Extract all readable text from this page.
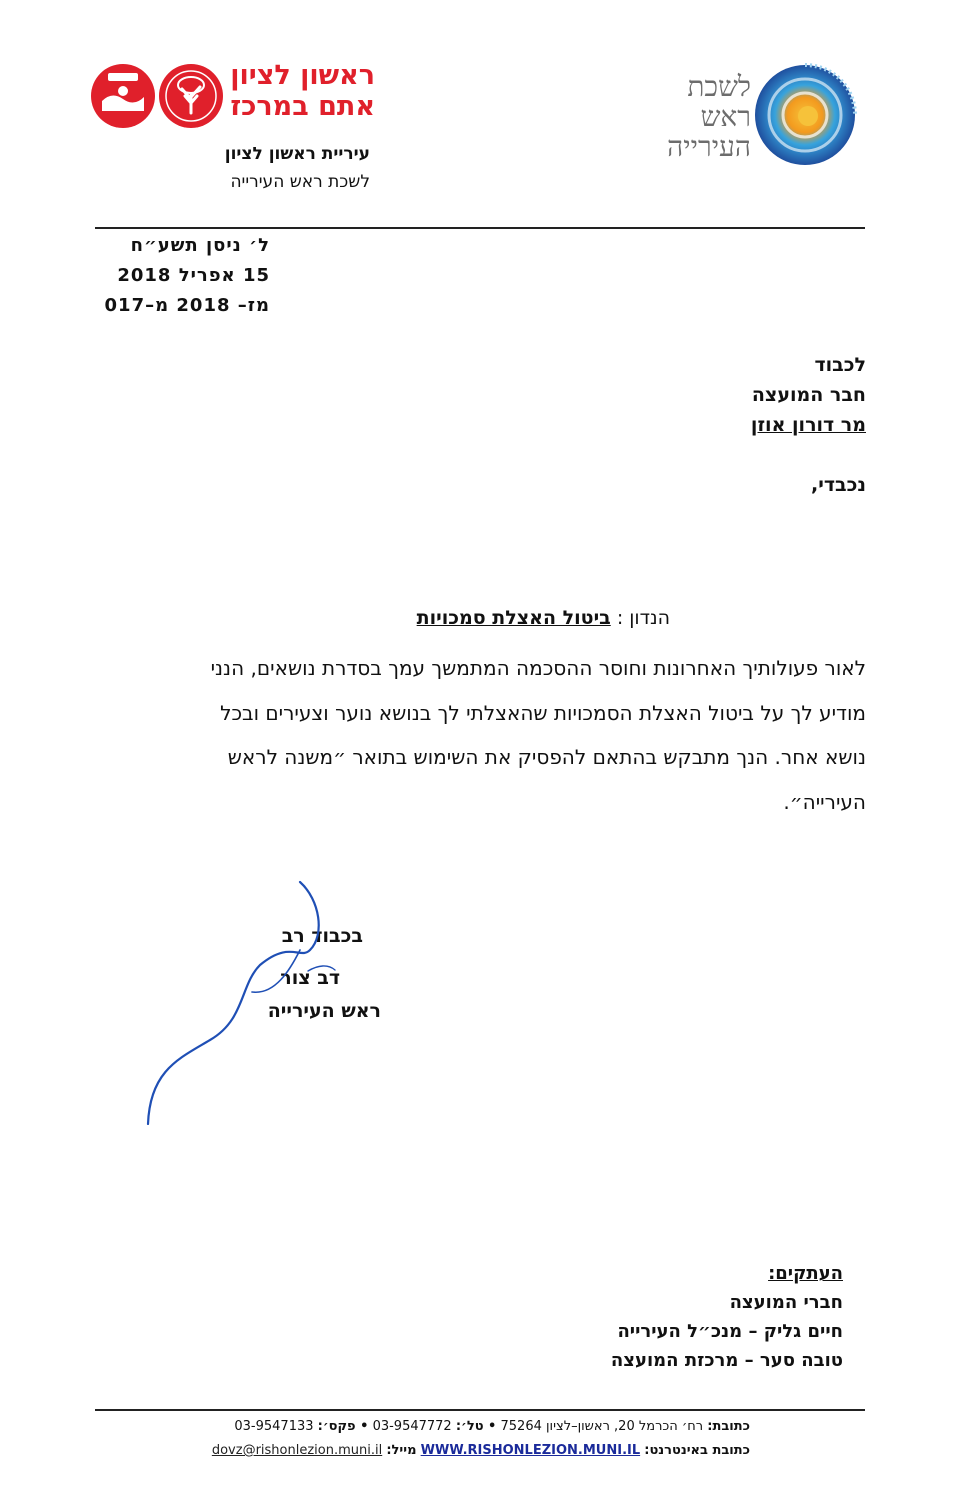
לשכת
ראש
העירייה
ראשון לציון
אתם במרכז
עיריית ראשון לציון
לשכת ראש העירייה
ל׳ ניסן תשע״ח
15 אפריל 2018
מז– 2018 מ–017
לכבוד
חבר המועצה
מר דורון אוזן
נכבדי,
הנדון : ביטול האצלת סמכויות
לאור פעולותיך האחרונות וחוסר ההסכמה המתמשך עמך בסדרת נושאים, הנני
מודיע לך על ביטול האצלת הסמכויות שהאצלתי לך בנושא נוער וצעירים ובכל
נושא אחר. הנך מתבקש בהתאם להפסיק את השימוש בתואר ״משנה לראש
העירייה״.
בכבוד רב
דב צור
ראש העירייה
העתקים:
חברי המועצה
חיים גליק – מנכ״ל העירייה
טובה סער – מרכזת המועצה
כתובת: רח׳ הכרמל 20, ראשון–לציון 75264 • טל׳: 03-9547772 • פקס׳: 03-9547133
כתובת באינטרנט: WWW.RISHONLEZION.MUNI.IL מייל: dovz@rishonlezion.muni.il
